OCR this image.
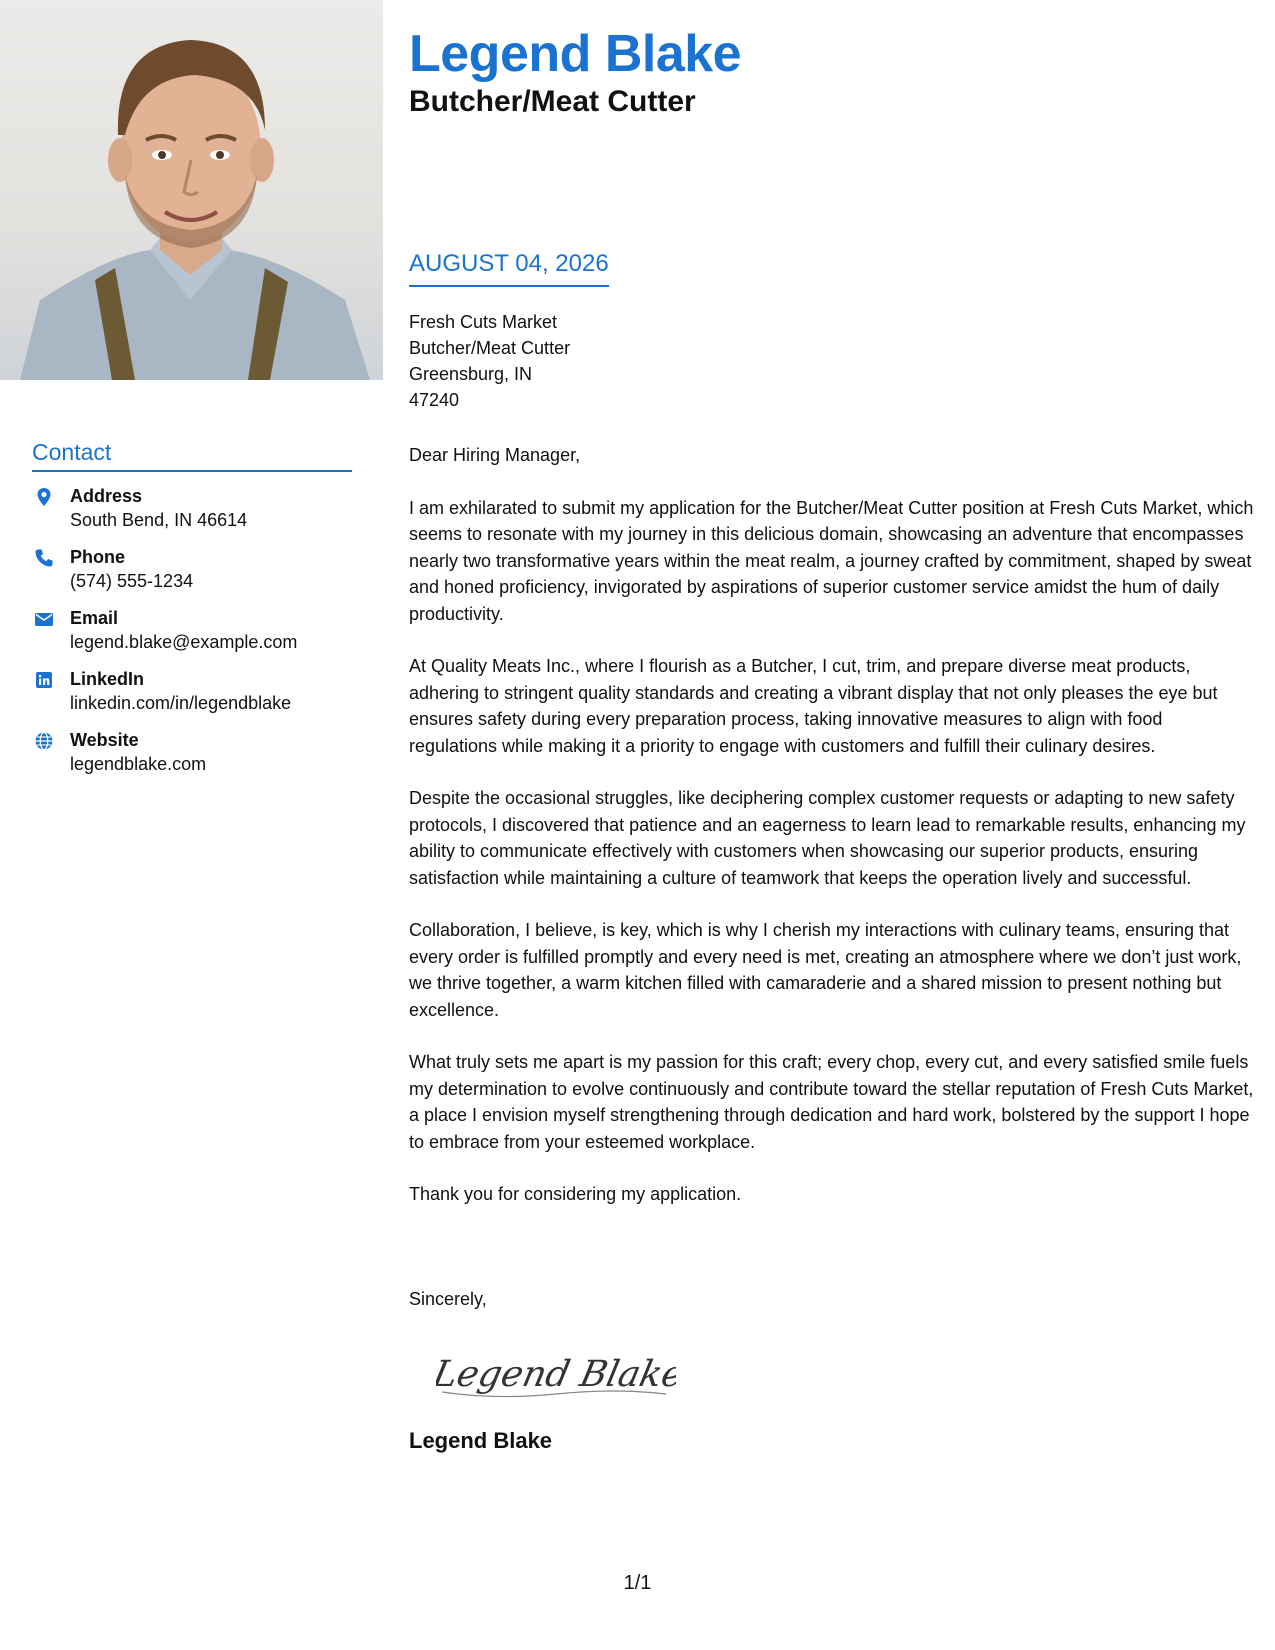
Legend Blake
Butcher/Meat Cutter
AUGUST 04, 2026
Fresh Cuts Market
Butcher/Meat Cutter
Greensburg, IN
47240

Dear Hiring Manager,

I am exhilarated to submit my application for the Butcher/Meat Cutter position at Fresh Cuts Market, which seems to resonate with my journey in this delicious domain, showcasing an adventure that encompasses nearly two transformative years within the meat realm, a journey crafted by commitment, shaped by sweat and honed proficiency, invigorated by aspirations of superior customer service amidst the hum of daily productivity.

At Quality Meats Inc., where I flourish as a Butcher, I cut, trim, and prepare diverse meat products, adhering to stringent quality standards and creating a vibrant display that not only pleases the eye but ensures safety during every preparation process, taking innovative measures to align with food regulations while making it a priority to engage with customers and fulfill their culinary desires.

Despite the occasional struggles, like deciphering complex customer requests or adapting to new safety protocols, I discovered that patience and an eagerness to learn lead to remarkable results, enhancing my ability to communicate effectively with customers when showcasing our superior products, ensuring satisfaction while maintaining a culture of teamwork that keeps the operation lively and successful.

Collaboration, I believe, is key, which is why I cherish my interactions with culinary teams, ensuring that every order is fulfilled promptly and every need is met, creating an atmosphere where we don’t just work, we thrive together, a warm kitchen filled with camaraderie and a shared mission to present nothing but excellence.

What truly sets me apart is my passion for this craft; every chop, every cut, and every satisfied smile fuels my determination to evolve continuously and contribute toward the stellar reputation of Fresh Cuts Market, a place I envision myself strengthening through dedication and hard work, bolstered by the support I hope to embrace from your esteemed workplace.

Thank you for considering my application.

Sincerely,
Legend Blake
Legend Blake
Contact
Address
South Bend, IN 46614
Phone
(574) 555-1234
Email
legend.blake@example.com
LinkedIn
linkedin.com/in/legendblake
Website
legendblake.com
1/1
